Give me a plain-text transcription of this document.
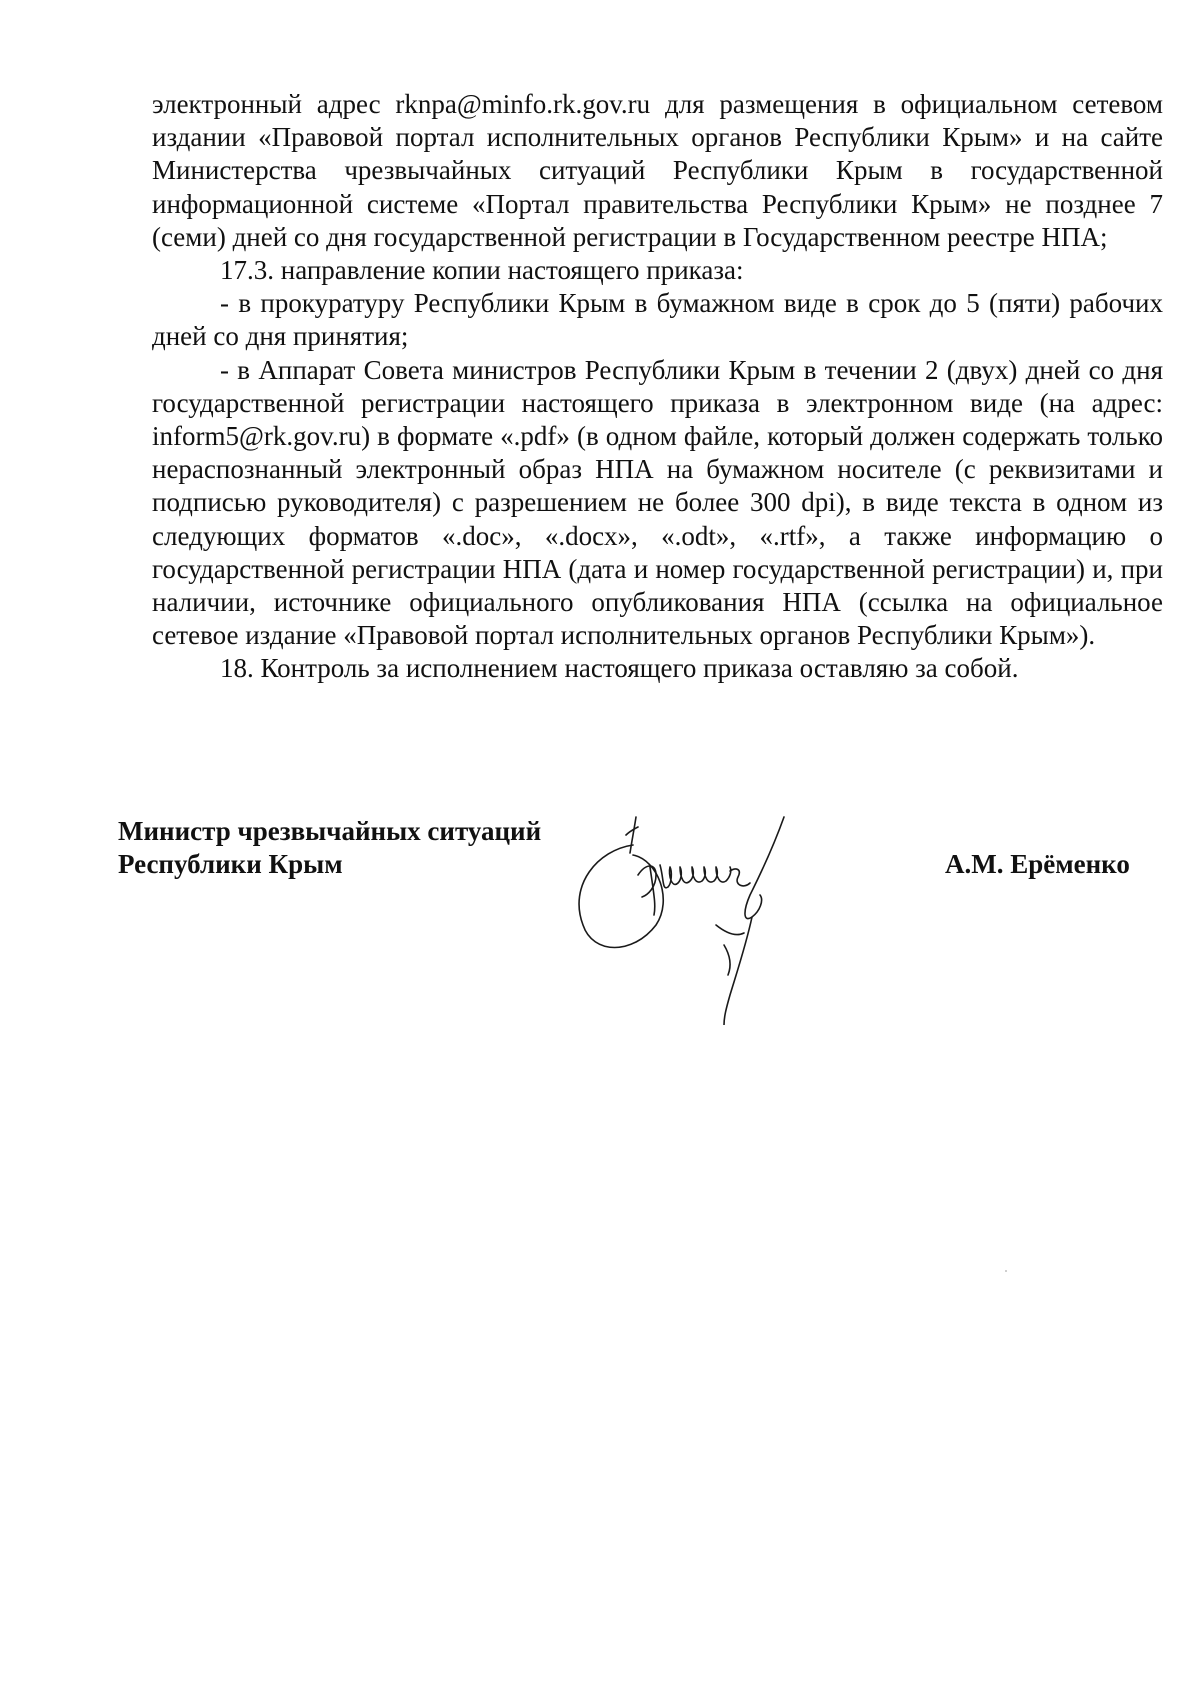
электронный адрес rknpa@minfo.rk.gov.ru для размещения в официальном сетевом издании «Правовой портал исполнительных органов Республики Крым» и на сайте Министерства чрезвычайных ситуаций Республики Крым в государственной информационной системе «Портал правительства Республики Крым» не позднее 7 (семи) дней со дня государственной регистрации в Государственном реестре НПА;

17.3. направление копии настоящего приказа:

- в прокуратуру Республики Крым в бумажном виде в срок до 5 (пяти) рабочих дней со дня принятия;

- в Аппарат Совета министров Республики Крым в течении 2 (двух) дней со дня государственной регистрации настоящего приказа в электронном виде (на адрес: inform5@rk.gov.ru) в формате «.pdf» (в одном файле, который должен содержать только нераспознанный электронный образ НПА на бумажном носителе (с реквизитами и подписью руководителя) с разрешением не более 300 dpi), в виде текста в одном из следующих форматов «.doc», «.docx», «.odt», «.rtf», а также информацию о государственной регистрации НПА (дата и номер государственной регистрации) и, при наличии, источнике официального опубликования НПА (ссылка на официальное сетевое издание «Правовой портал исполнительных органов Республики Крым»).

18. Контроль за исполнением настоящего приказа оставляю за собой.

Министр чрезвычайных ситуаций
Республики Крым	А.М. Ерёменко
